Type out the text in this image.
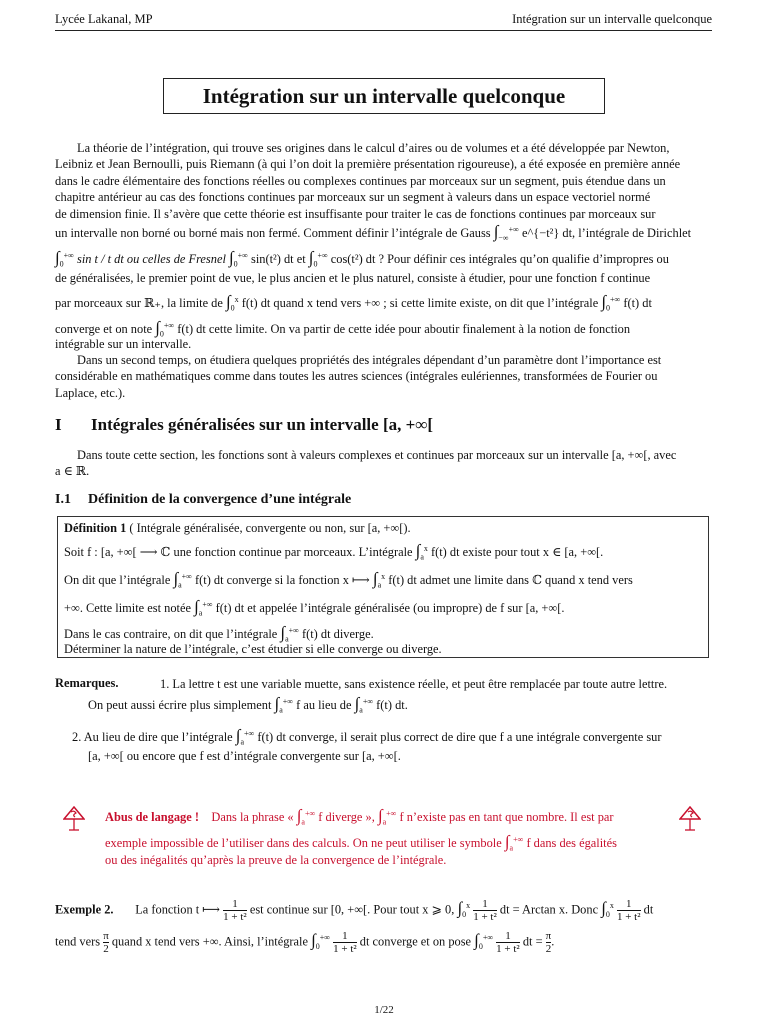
Lycée Lakanal, MP	Intégration sur un intervalle quelconque
Intégration sur un intervalle quelconque
La théorie de l’intégration, qui trouve ses origines dans le calcul d’aires ou de volumes et a été développée par Newton,
Leibniz et Jean Bernoulli, puis Riemann (à qui l’on doit la première présentation rigoureuse), a été exposée en première année
dans le cadre élémentaire des fonctions réelles ou complexes continues par morceaux sur un segment, puis étendue dans un
chapitre antérieur au cas des fonctions continues par morceaux sur un segment à valeurs dans un espace vectoriel normé
de dimension finie. Il s’avère que cette théorie est insuffisante pour traiter le cas de fonctions continues par morceaux sur
un intervalle non borné ou borné mais non fermé. Comment définir l’intégrale de Gauss $\int_{-\infty}^{+\infty}$ e^{−t²} dt, l’intégrale de Dirichlet
$\int_0^{+\infty}$ sin t / t dt ou celles de Fresnel $\int_0^{+\infty}$ sin(t²) dt et $\int_0^{+\infty}$ cos(t²) dt ? Pour définir ces intégrales qu’on qualifie d’impropres ou
de généralisées, le premier point de vue, le plus ancien et le plus naturel, consiste à étudier, pour une fonction f continue
par morceaux sur ℝ₊, la limite de $\int_0^x$ f(t) dt quand x tend vers +∞ ; si cette limite existe, on dit que l’intégrale $\int_0^{+\infty}$ f(t) dt
converge et on note $\int_0^{+\infty}$ f(t) dt cette limite. On va partir de cette idée pour aboutir finalement à la notion de fonction
intégrable sur un intervalle.
Dans un second temps, on étudiera quelques propriétés des intégrales dépendant d’un paramètre dont l’importance est
considérable en mathématiques comme dans toutes les autres sciences (intégrales eulériennes, transformées de Fourier ou
Laplace, etc.).
I Intégrales généralisées sur un intervalle [a, +∞[
Dans toute cette section, les fonctions sont à valeurs complexes et continues par morceaux sur un intervalle [a, +∞[, avec
a ∈ ℝ.
I.1 Définition de la convergence d’une intégrale
Définition 1 ( Intégrale généralisée, convergente ou non, sur [a, +∞[).
Soit f : [a, +∞[ ⟶ ℂ une fonction continue par morceaux. L’intégrale $\int_a^x$ f(t) dt existe pour tout x ∈ [a, +∞[.
On dit que l’intégrale $\int_a^{+\infty}$ f(t) dt converge si la fonction x ⟼ $\int_a^x$ f(t) dt admet une limite dans ℂ quand x tend vers
+∞. Cette limite est notée $\int_a^{+\infty}$ f(t) dt et appelée l’intégrale généralisée (ou impropre) de f sur [a, +∞[.
Dans le cas contraire, on dit que l’intégrale $\int_a^{+\infty}$ f(t) dt diverge.
Déterminer la nature de l’intégrale, c’est étudier si elle converge ou diverge.
Remarques.	1. La lettre t est une variable muette, sans existence réelle, et peut être remplacée par toute autre lettre.
On peut aussi écrire plus simplement $\int_a^{+\infty}$ f au lieu de $\int_a^{+\infty}$ f(t) dt.
2. Au lieu de dire que l’intégrale $\int_a^{+\infty}$ f(t) dt converge, il serait plus correct de dire que f a une intégrale convergente sur
[a, +∞[ ou encore que f est d’intégrale convergente sur [a, +∞[.
Abus de langage ! Dans la phrase « $\int_a^{+\infty}$ f diverge », $\int_a^{+\infty}$ f n’existe pas en tant que nombre. Il est par
exemple impossible de l’utiliser dans des calculs. On ne peut utiliser le symbole $\int_a^{+\infty}$ f dans des égalités
ou des inégalités qu’après la preuve de la convergence de l’intégrale.
Exemple 2. La fonction t ⟼ $\frac{1}{\text{1 + t²}}$ est continue sur [0, +∞[. Pour tout x ⩾ 0, $\int_0^x \frac{1}{\text{1 + t²}}$ dt = Arctan x. Donc $\int_0^x \frac{1}{\text{1 + t²}}$ dt
tend vers $\frac{\pi}{2}$ quand x tend vers +∞. Ainsi, l’intégrale $\int_0^{+\infty} \frac{1}{\text{1 + t²}}$ dt converge et on pose $\int_0^{+\infty} \frac{1}{\text{1 + t²}}$ dt = $\frac{\pi}{2}$ .
1/22
